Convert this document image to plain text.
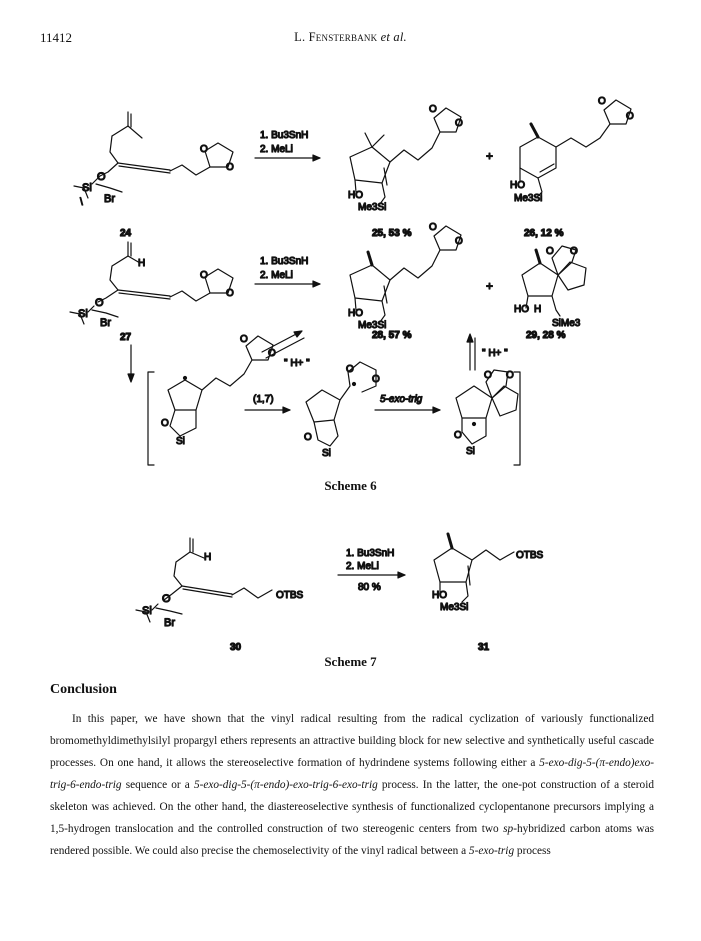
11412	L. Fensterbank et al.
O
O
O
Si
Br
\
24
1. Bu3SnH
2. MeLi
HO
Me3Si
O
O
25, 53 %
+
HO
Me3Si
O
O
26, 12 %
H
O
O
O
Si
Br
27
1. Bu3SnH
2. MeLi
HO
Me3Si
O
O
28, 57 %
+
HO H
SiMe3
O O
29, 28 %
" H+ "
" H+ "
O
O
O
Si
(1,7)
O
O
O
Si
5-exo-trig
O O
O
Si
H
O
Si
Br
OTBS
30
1. Bu3SnH
2. MeLi
80 %
HO
Me3Si
OTBS
31
Scheme 6
Scheme 7
Conclusion

In this paper, we have shown that the vinyl radical resulting from the radical cyclization of variously functionalized bromomethyldimethylsilyl propargyl ethers represents an attractive building block for new selective and synthetically useful cascade processes. On one hand, it allows the stereoselective formation of hydrindene systems following either a 5-exo-dig-5-(π-endo)exo-trig-6-endo-trig sequence or a 5-exo-dig-5-(π-endo)-exo-trig-6-exo-trig process. In the latter, the one-pot construction of a steroid skeleton was achieved. On the other hand, the diastereoselective synthesis of functionalized cyclopentanone precursors implying a 1,5-hydrogen translocation and the controlled construction of two stereogenic centers from two sp-hybridized carbon atoms was rendered possible. We could also precise the chemoselectivity of the vinyl radical between a 5-exo-trig process
